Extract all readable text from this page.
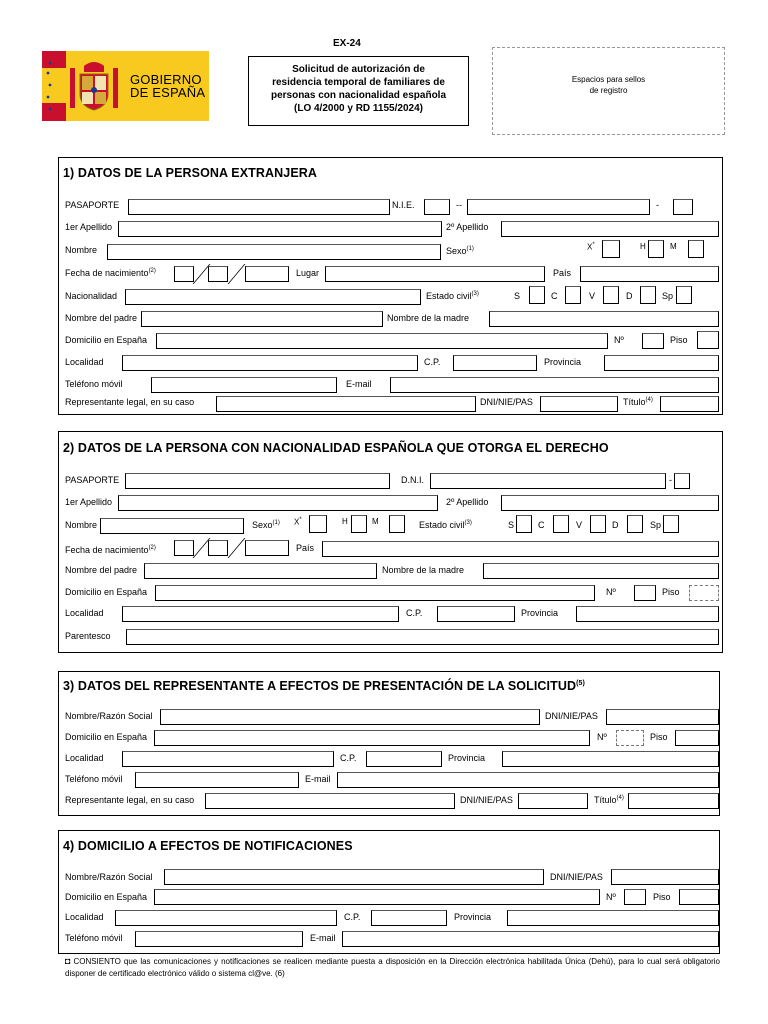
GOBIERNO
DE ESPAÑA
EX-24
Solicitud de autorización de
residencia temporal de familiares de
personas con nacionalidad española
(LO 4/2000 y RD 1155/2024)
Espacios para sellos
de registro
1) DATOS DE LA PERSONA EXTRANJERA
PASAPORTE	N.I.E.	--	-
1er Apellido	2º Apellido
Nombre	Sexo$^{(1)}$	X*	H	M
Fecha de nacimiento$^{(2)}$	Lugar	País
Nacionalidad	Estado civil$^{(3)}$	S	C	V	D	Sp
Nombre del padre	Nombre de la madre
Domicilio en España	Nº	Piso
Localidad	C.P.	Provincia
Teléfono móvil	E-mail
Representante legal, en su caso	DNI/NIE/PAS	Título$^{(4)}$
2) DATOS DE LA PERSONA CON NACIONALIDAD ESPAÑOLA QUE OTORGA EL DERECHO
PASAPORTE	D.N.I.	-
1er Apellido	2º Apellido
Nombre	Sexo$^{(1)}$ X*	H	M	Estado civil$^{(3)}$	S	C	V	D	Sp
Fecha de nacimiento$^{(2)}$	País
Nombre del padre	Nombre de la madre
Domicilio en España	Nº	Piso
Localidad	C.P.	Provincia
Parentesco
3) DATOS DEL REPRESENTANTE A EFECTOS DE PRESENTACIÓN DE LA SOLICITUD$^{(5)}$
Nombre/Razón Social	DNI/NIE/PAS
Domicilio en España	Nº	Piso
Localidad	C.P.	Provincia
Teléfono móvil	E-mail
Representante legal, en su caso	DNI/NIE/PAS	Título$^{(4)}$
4) DOMICILIO A EFECTOS DE NOTIFICACIONES
Nombre/Razón Social	DNI/NIE/PAS
Domicilio en España	Nº	Piso
Localidad	C.P.	Provincia
Teléfono móvil	E-mail
◘ CONSIENTO que las comunicaciones y notificaciones se realicen mediante puesta a disposición en la Dirección electrónica habilitada Única (Dehú), para lo cual será obligatorio disponer de certificado electrónico válido o sistema cl@ve. (6)
